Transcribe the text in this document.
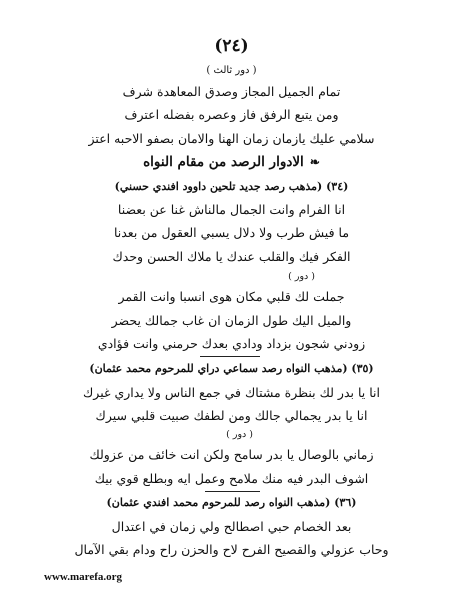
(٢٤)
( دور ثالث )
تمام الجميل المجاز وصدق المعاهدة شرف
ومن يتبع الرفق فاز وعصره بفضله اعترف
سلامي عليك يازمان زمان الهنا والامان بصفو الاحبه اعتز
❧الادوار الرصد من مقام النواه
(٣٤) (مذهب رصد جديد تلحين داوود افندي حسني)
انا الفرام وانت الجمال مالناش غنا عن بعضنا
ما فيش طرب ولا دلال يسبي العقول من بعدنا
الفكر فيك والقلب عندك يا ملاك الحسن وحدك
( دور )
جملت لك قلبي مكان هوى انسبا وانت القمر
والميل اليك طول الزمان ان غاب جمالك يحضر
زودني شجون بزداد ودادي بعدك حرمني وانت فؤادي
(٣٥) (مذهب النواه رصد سماعي دراي للمرحوم محمد عثمان)
انا يا بدر لك بنظرة مشتاك في جمع الناس ولا يداري غيرك
انا يا بدر يجمالي جالك ومن لطفك صبيت قلبي سيرك
( دور )
زماني بالوصال يا بدر سامح ولكن انت خائف من عزولك
اشوف البدر فيه منك ملامح وعمل ايه وبطلع قوي بيك
(٣٦) (مذهب النواه رصد للمرحوم محمد افندي عثمان)
بعد الخصام حبي اصطالح ولي زمان في اعتدال
وحاب عزولي والقصيح الفرح لاح والحزن راح ودام بقي الآمال
www.marefa.org
